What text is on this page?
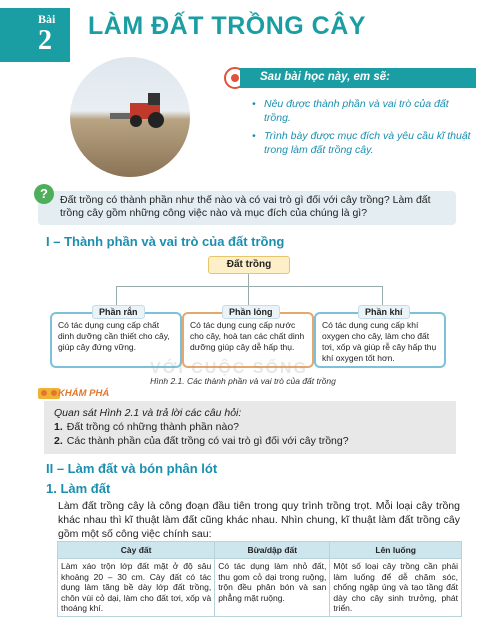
Bài
2	LÀM ĐẤT TRỒNG CÂY
Sau bài học này, em sẽ:
• Nêu được thành phần và vai trò của đất trồng.
• Trình bày được mục đích và yêu cầu kĩ thuật trong làm đất trồng cây.
Đất trồng có thành phần như thế nào và có vai trò gì đối với cây trồng? Làm đất trồng cây gồm những công việc nào và mục đích của chúng là gì?
?
I – Thành phần và vai trò của đất trồng
Đất trồng
Có tác dụng cung cấp chất dinh dưỡng cần thiết cho cây, giúp cây đứng vững.
Có tác dụng cung cấp nước cho cây, hoà tan các chất dinh dưỡng giúp cây dễ hấp thụ.
Có tác dụng cung cấp khí oxygen cho cây, làm cho đất tơi, xốp và giúp rễ cây hấp thụ khí oxygen tốt hơn.
Phần rắn	Phần lỏng	Phần khí
Hình 2.1. Các thành phần và vai trò của đất trồng
VỚI CUỘC SỐNG
KHÁM PHÁ
Quan sát Hình 2.1 và trả lời các câu hỏi:
1. Đất trồng có những thành phần nào?
2. Các thành phần của đất trồng có vai trò gì đối với cây trồng?
II – Làm đất và bón phân lót
1. Làm đất
Làm đất trồng cây là công đoạn đầu tiên trong quy trình trồng trọt. Mỗi loại cây trồng khác nhau thì kĩ thuật làm đất cũng khác nhau. Nhìn chung, kĩ thuật làm đất trồng cây gồm một số công việc chính sau:
Cày đất	Bừa/dập đất	Lên luống
Làm xáo trộn lớp đất mặt ở độ sâu khoảng 20 – 30 cm. Cày đất có tác dụng làm tăng bề dày lớp đất trồng, chôn vùi cỏ dại, làm cho đất tơi, xốp và thoáng khí.	Có tác dụng làm nhỏ đất, thu gom cỏ dại trong ruộng, trộn đều phân bón và san phẳng mặt ruộng.	Một số loại cây trồng cần phải làm luống để dễ chăm sóc, chống ngập úng và tạo tầng đất dày cho cây sinh trưởng, phát triển.
